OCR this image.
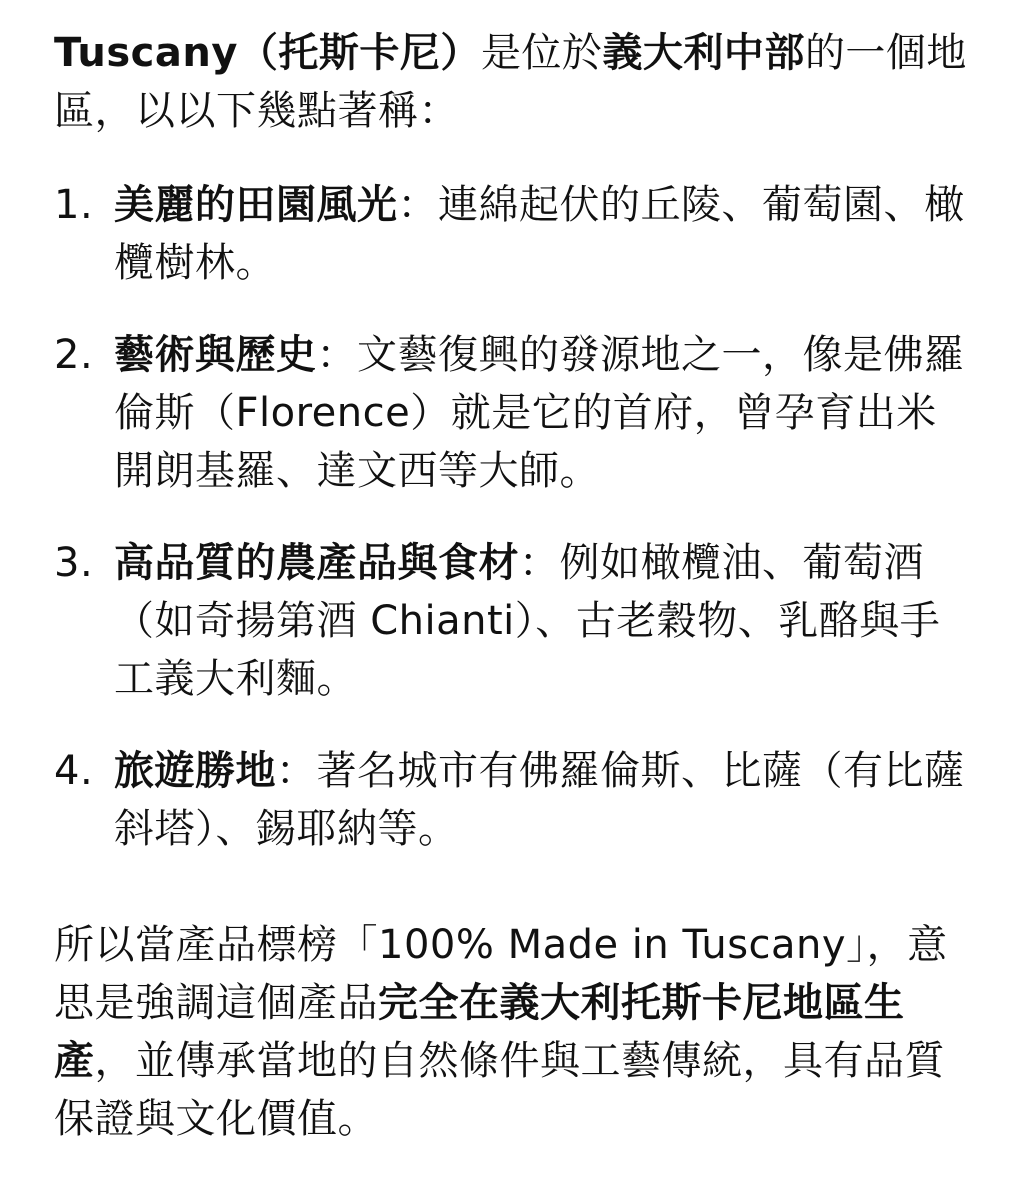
Tuscany（托斯卡尼）是位於義大利中部的一個地區，以以下幾點著稱：

1. 美麗的田園風光：連綿起伏的丘陵、葡萄園、橄欖樹林。
2. 藝術與歷史：文藝復興的發源地之一，像是佛羅倫斯（Florence）就是它的首府，曾孕育出米開朗基羅、達文西等大師。
3. 高品質的農產品與食材：例如橄欖油、葡萄酒（如奇揚第酒 Chianti）、古老穀物、乳酪與手工義大利麵。
4. 旅遊勝地：著名城市有佛羅倫斯、比薩（有比薩斜塔）、錫耶納等。

所以當產品標榜「100% Made in Tuscany」，意思是強調這個產品完全在義大利托斯卡尼地區生產，並傳承當地的自然條件與工藝傳統，具有品質保證與文化價值。
